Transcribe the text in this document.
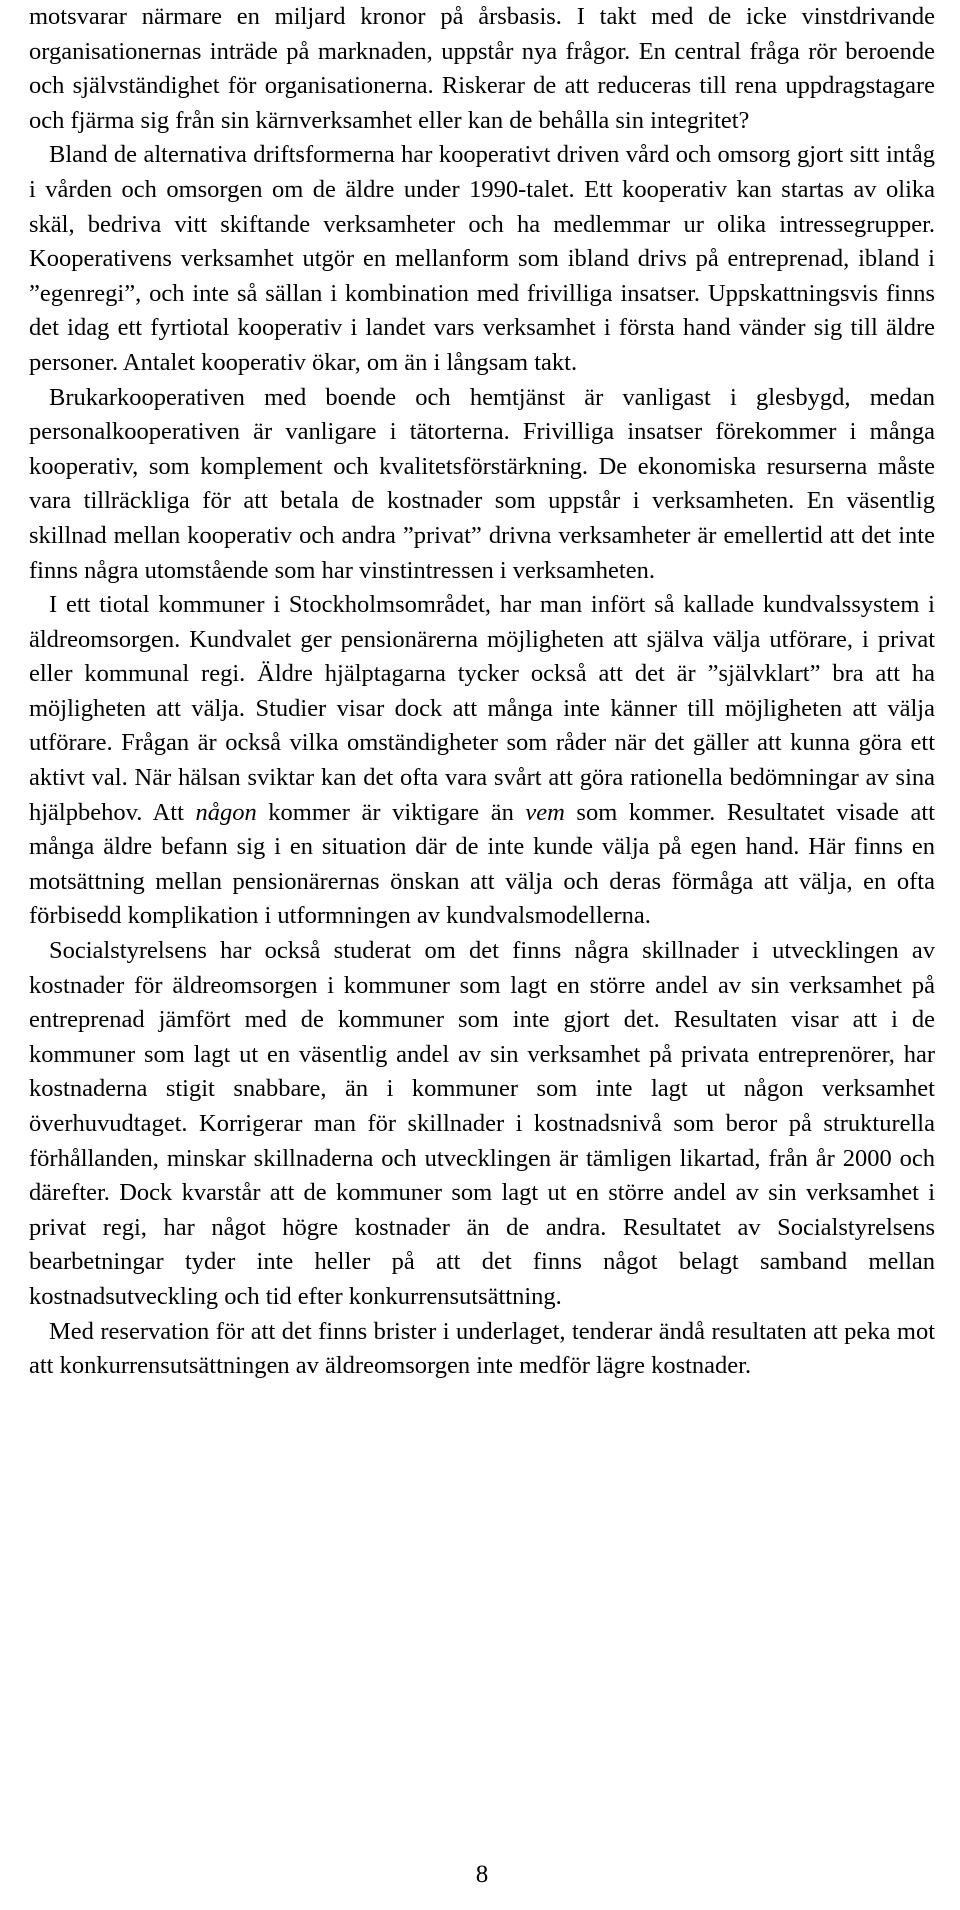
motsvarar närmare en miljard kronor på årsbasis. I takt med de icke vinstdrivande organisationernas inträde på marknaden, uppstår nya frågor. En central fråga rör beroende och självständighet för organisationerna. Riskerar de att reduceras till rena uppdragstagare och fjärma sig från sin kärnverksamhet eller kan de behålla sin integritet?

Bland de alternativa driftsformerna har kooperativt driven vård och omsorg gjort sitt intåg i vården och omsorgen om de äldre under 1990-talet. Ett kooperativ kan startas av olika skäl, bedriva vitt skiftande verksamheter och ha medlemmar ur olika intressegrupper. Kooperativens verksamhet utgör en mellanform som ibland drivs på entreprenad, ibland i ”egenregi”, och inte så sällan i kombination med frivilliga insatser. Uppskattningsvis finns det idag ett fyrtiotal kooperativ i landet vars verksamhet i första hand vänder sig till äldre personer. Antalet kooperativ ökar, om än i långsam takt.

Brukarkooperativen med boende och hemtjänst är vanligast i glesbygd, medan personalkooperativen är vanligare i tätorterna. Frivilliga insatser förekommer i många kooperativ, som komplement och kvalitetsförstärkning. De ekonomiska resurserna måste vara tillräckliga för att betala de kostnader som uppstår i verksamheten. En väsentlig skillnad mellan kooperativ och andra ”privat” drivna verksamheter är emellertid att det inte finns några utomstående som har vinstintressen i verksamheten.

I ett tiotal kommuner i Stockholmsområdet, har man infört så kallade kundvalssystem i äldreomsorgen. Kundvalet ger pensionärerna möjligheten att själva välja utförare, i privat eller kommunal regi. Äldre hjälptagarna tycker också att det är ”självklart” bra att ha möjligheten att välja. Studier visar dock att många inte känner till möjligheten att välja utförare. Frågan är också vilka omständigheter som råder när det gäller att kunna göra ett aktivt val. När hälsan sviktar kan det ofta vara svårt att göra rationella bedömningar av sina hjälpbehov. Att någon kommer är viktigare än vem som kommer. Resultatet visade att många äldre befann sig i en situation där de inte kunde välja på egen hand. Här finns en motsättning mellan pensionärernas önskan att välja och deras förmåga att välja, en ofta förbisedd komplikation i utformningen av kundvalsmodellerna.

Socialstyrelsens har också studerat om det finns några skillnader i utvecklingen av kostnader för äldreomsorgen i kommuner som lagt en större andel av sin verksamhet på entreprenad jämfört med de kommuner som inte gjort det. Resultaten visar att i de kommuner som lagt ut en väsentlig andel av sin verksamhet på privata entreprenörer, har kostnaderna stigit snabbare, än i kommuner som inte lagt ut någon verksamhet överhuvudtaget. Korrigerar man för skillnader i kostnadsnivå som beror på strukturella förhållanden, minskar skillnaderna och utvecklingen är tämligen likartad, från år 2000 och därefter. Dock kvarstår att de kommuner som lagt ut en större andel av sin verksamhet i privat regi, har något högre kostnader än de andra. Resultatet av Socialstyrelsens bearbetningar tyder inte heller på att det finns något belagt samband mellan kostnadsutveckling och tid efter konkurrensutsättning.

Med reservation för att det finns brister i underlaget, tenderar ändå resultaten att peka mot att konkurrensutsättningen av äldreomsorgen inte medför lägre kostnader.

8
